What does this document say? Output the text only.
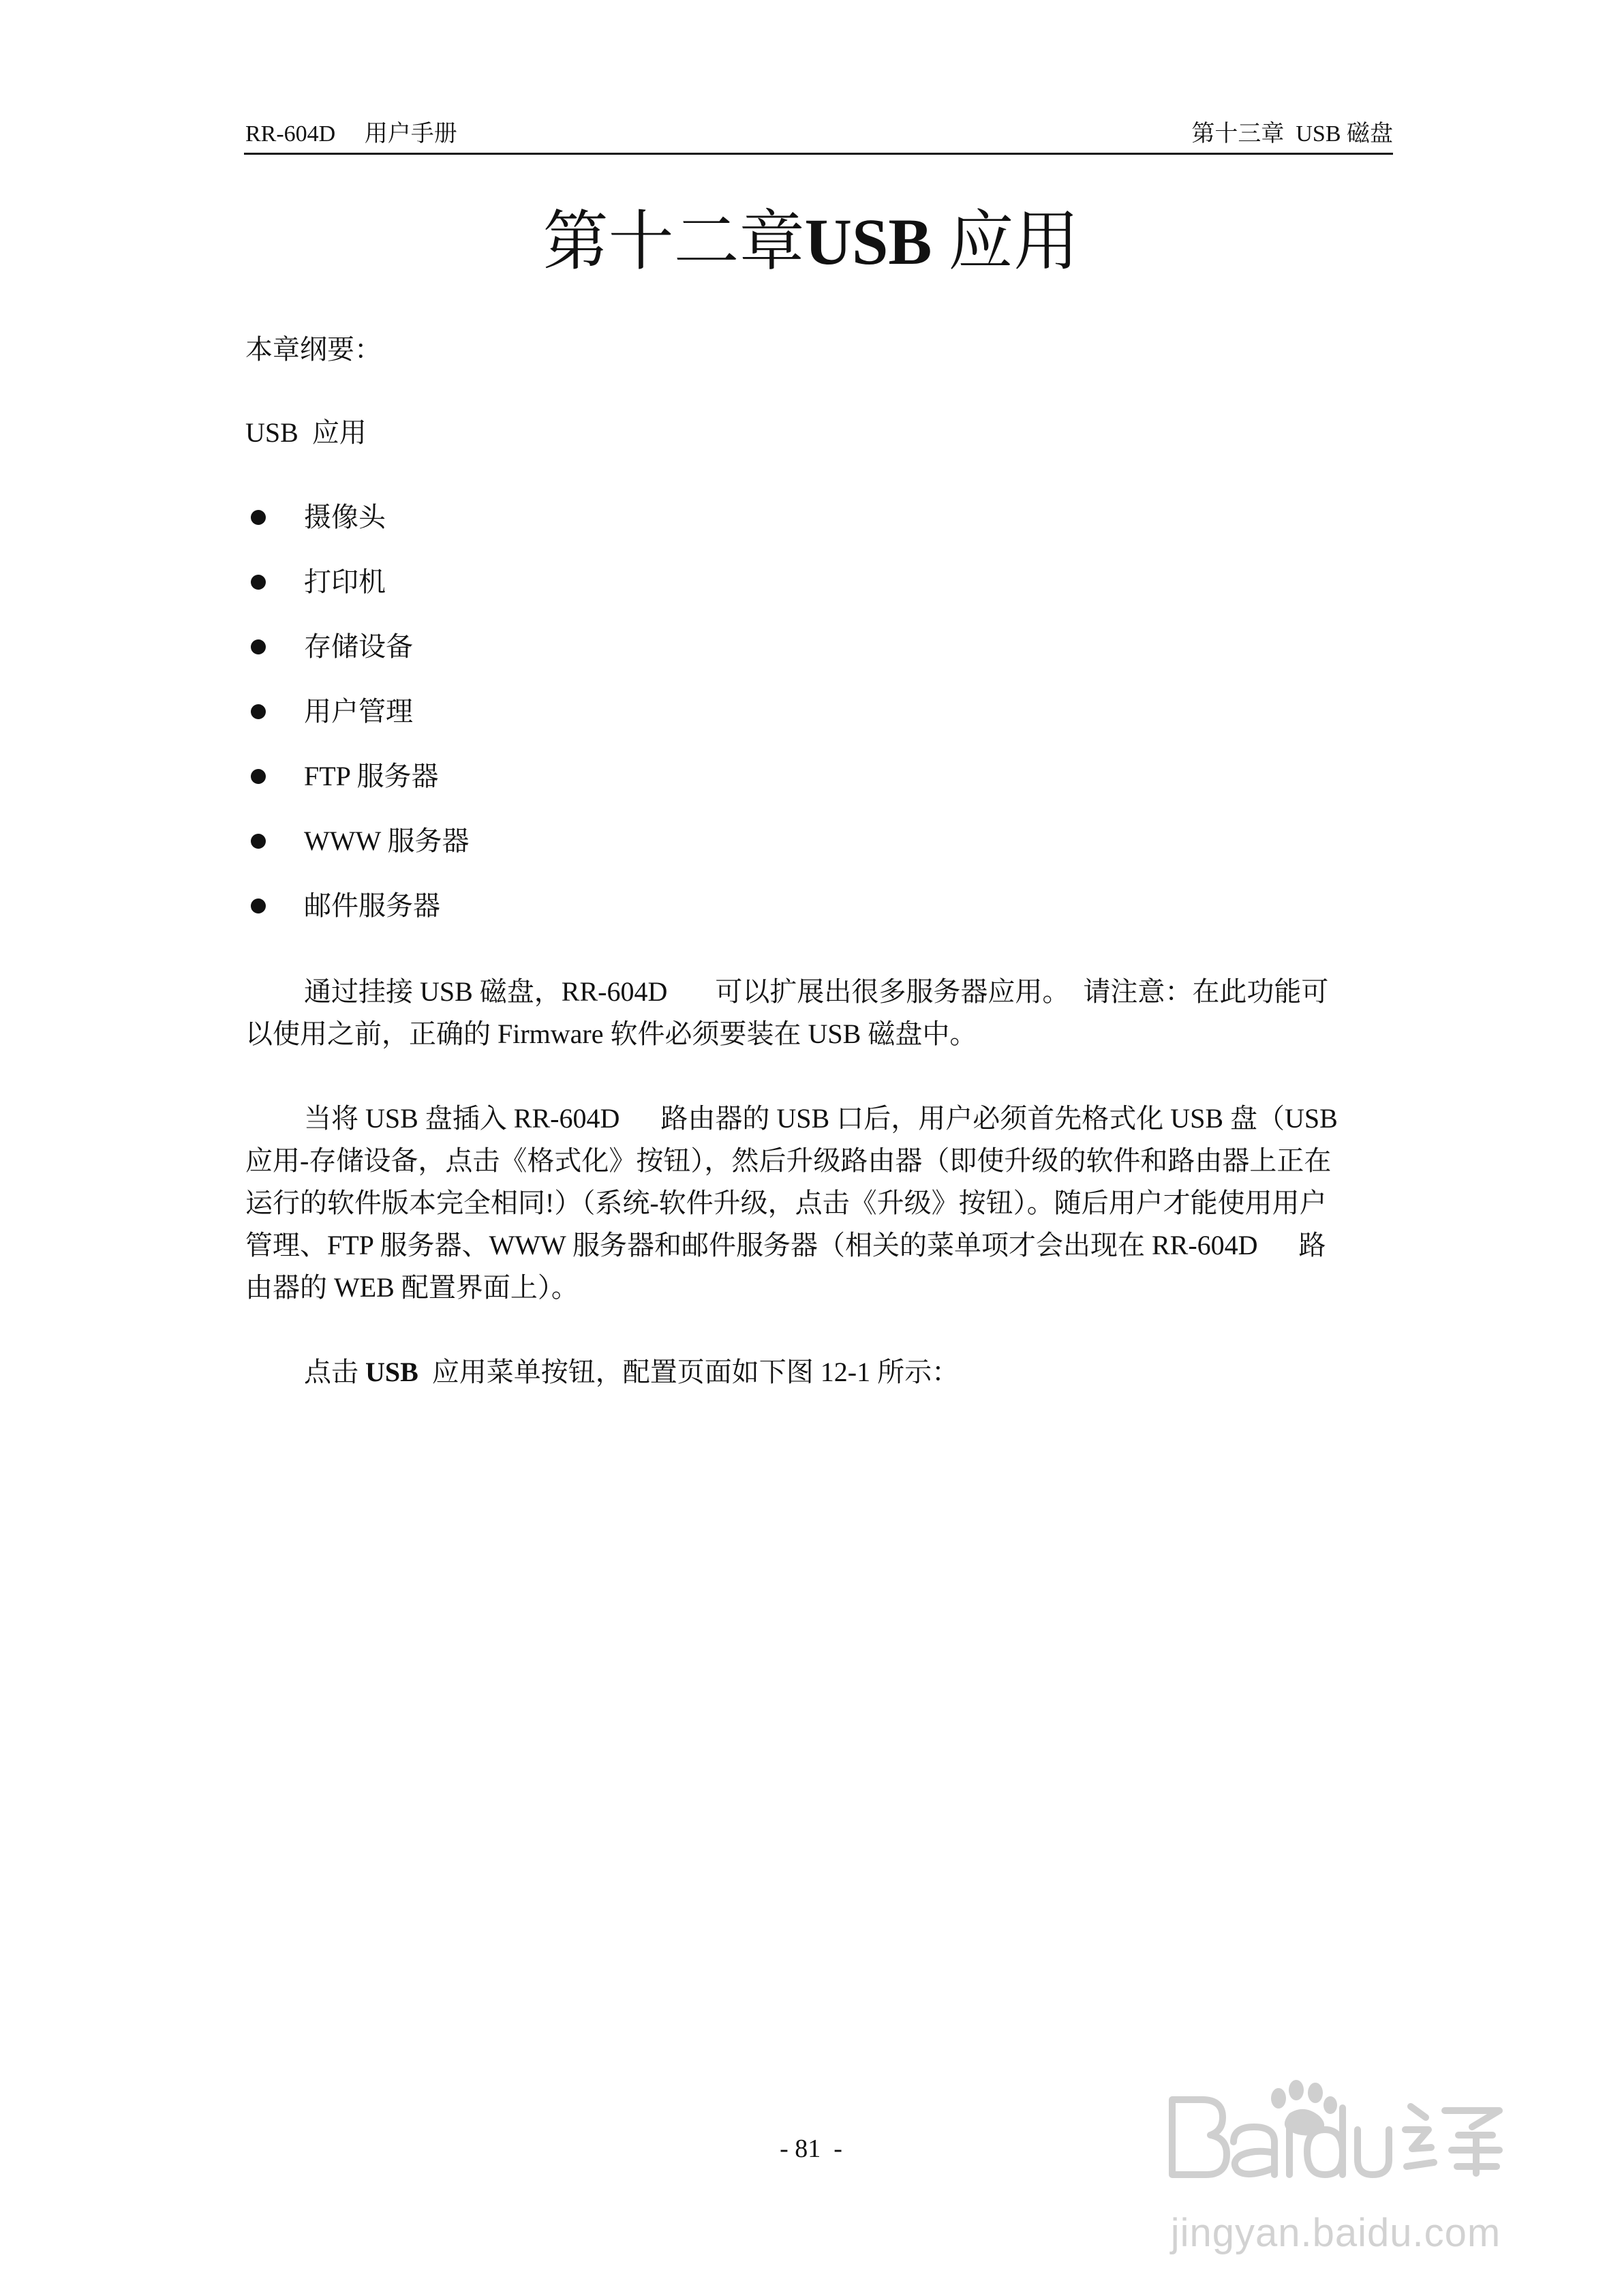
RR-604D     用户手册	第十三章  USB 磁盘
第十二章USB 应用
本章纲要：
USB  应用
摄像头
打印机
存储设备
用户管理
FTP 服务器
WWW 服务器
邮件服务器
通过挂接 USB 磁盘，RR-604D       可以扩展出很多服务器应用。  请注意：在此功能可
以使用之前，正确的 Firmware 软件必须要装在 USB 磁盘中。
当将 USB 盘插入 RR-604D      路由器的 USB 口后，用户必须首先格式化 USB 盘（USB
应用-存储设备，点击《格式化》按钮），然后升级路由器（即使升级的软件和路由器上正在
运行的软件版本完全相同!）（系统-软件升级，点击《升级》按钮）。随后用户才能使用用户
管理、FTP 服务器、WWW 服务器和邮件服务器（相关的菜单项才会出现在 RR-604D      路
由器的 WEB 配置界面上）。
点击 USB  应用菜单按钮，配置页面如下图 12-1 所示：
- 81  -
jingyan.baidu.com
